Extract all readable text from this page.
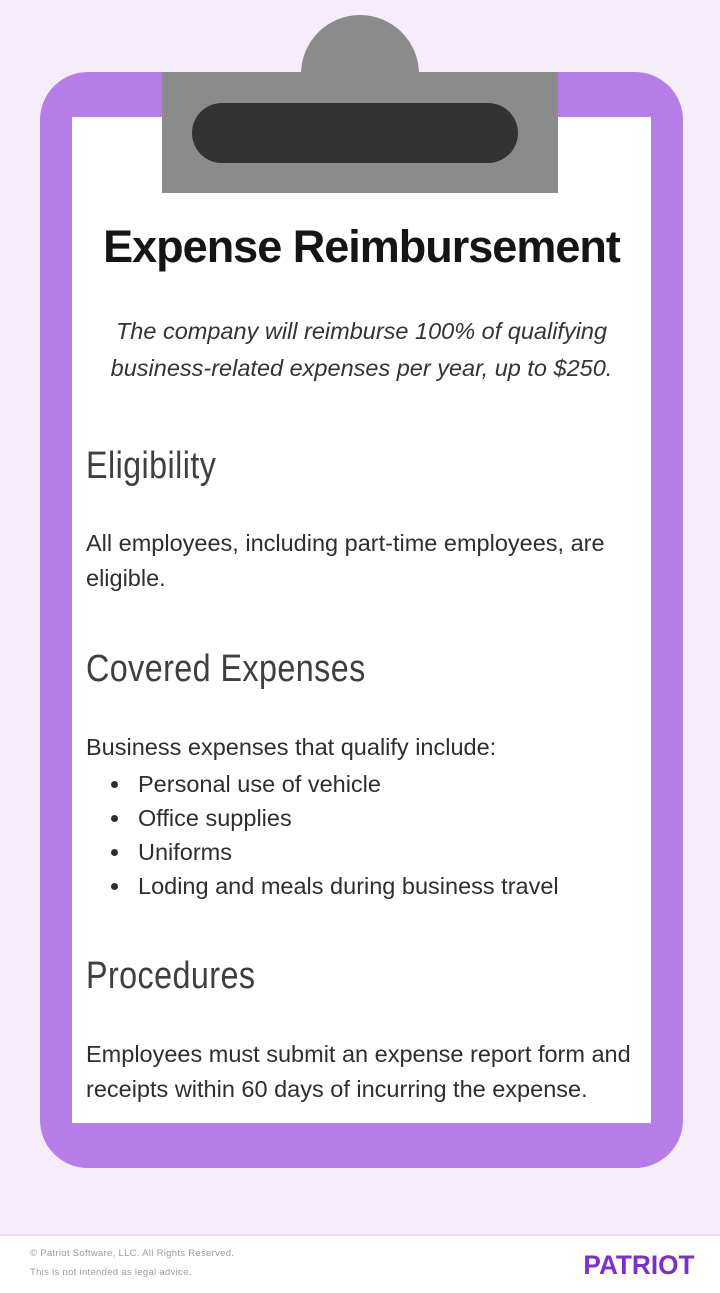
Expense Reimbursement

The company will reimburse 100% of qualifying business-related expenses per year, up to $250.

Eligibility

All employees, including part-time employees, are eligible.

Covered Expenses

Business expenses that qualify include:

• Personal use of vehicle
• Office supplies
• Uniforms
• Loding and meals during business travel
Procedures

Employees must submit an expense report form and receipts within 60 days of incurring the expense.

© Patriot Software, LLC. All Rights Reserved.
This is not intended as legal advice.	PATRIOT
